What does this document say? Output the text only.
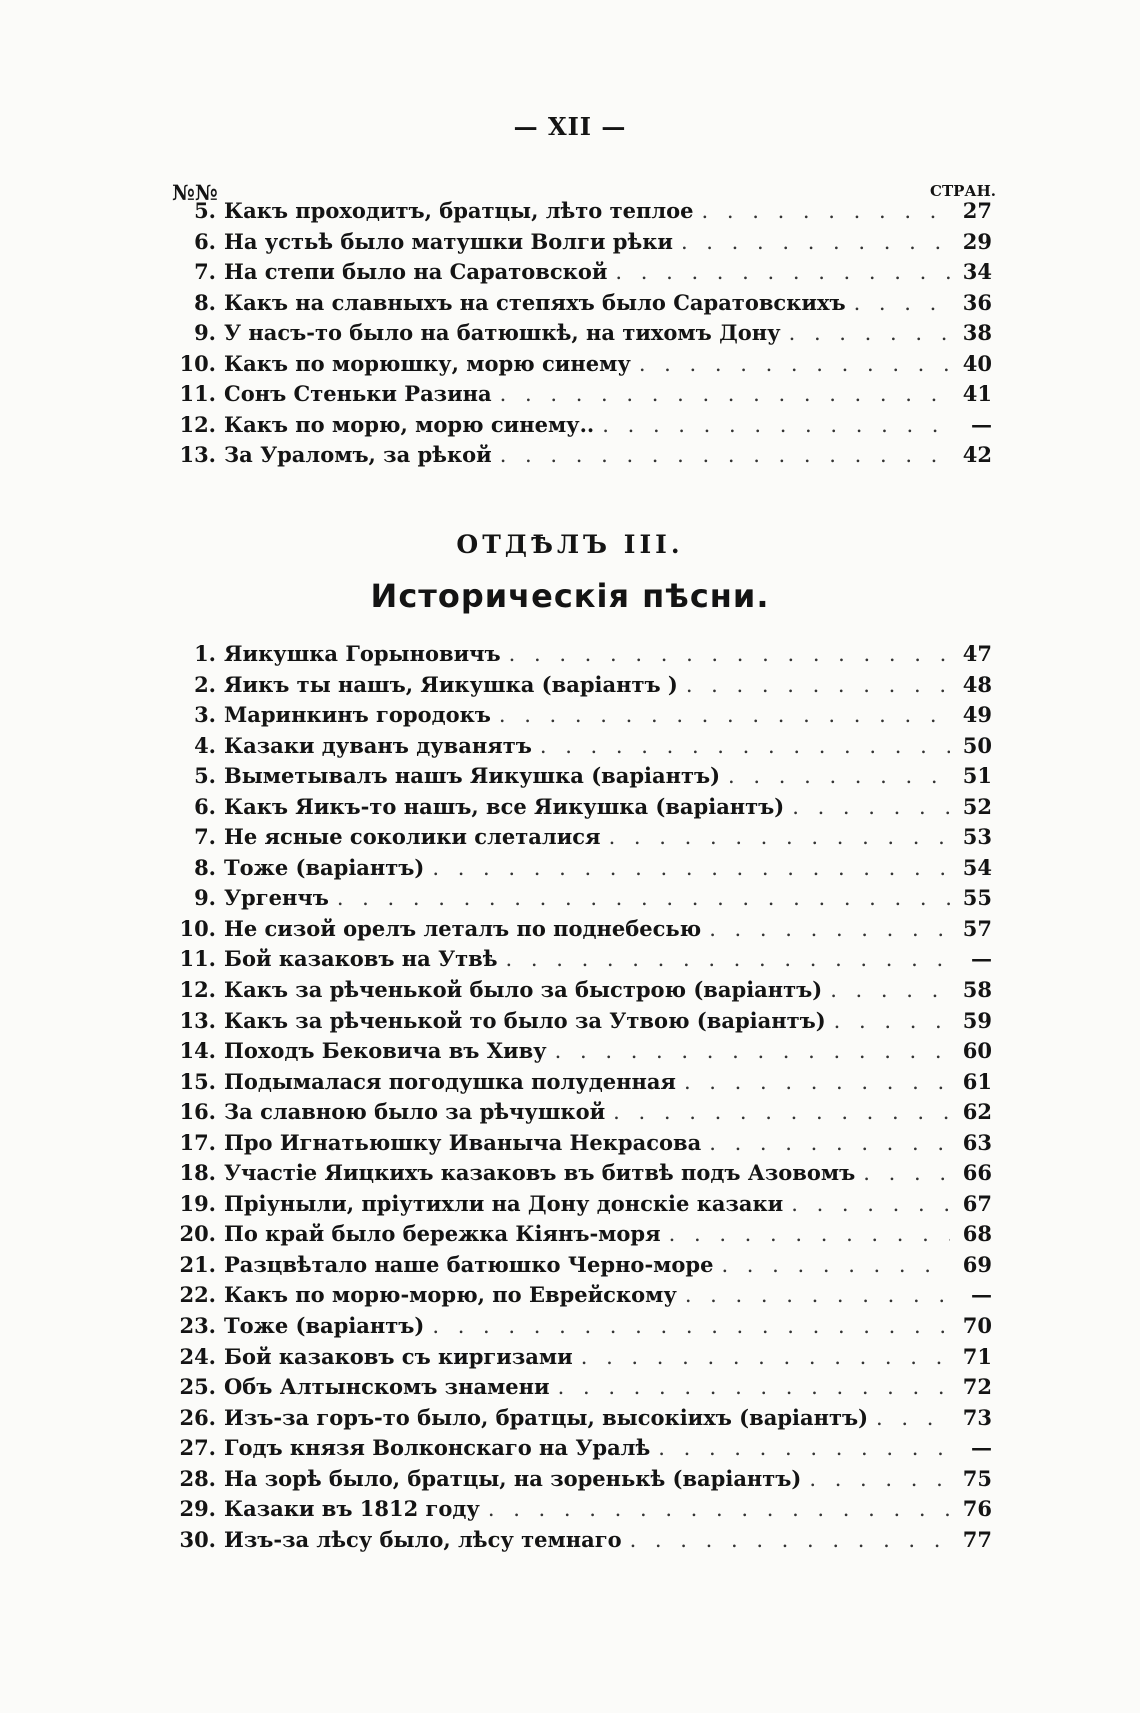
— XII —
№№	СТРАН.
5. Какъ проходитъ, братцы, лѣто теплое . . .	27
6. На устьѣ было матушки Волги рѣки . . .	29
7. На степи было на Саратовской . . .	34
8. Какъ на славныхъ на степяхъ было Саратовскихъ . . .	36
9. У насъ-то было на батюшкѣ, на тихомъ Дону . . .	38
10. Какъ по морюшку, морю синему . . .	40
11. Сонъ Стеньки Разина . . .	41
12. Какъ по морю, морю синему.. . . .	—
13. За Ураломъ, за рѣкой . . .	42
ОТДѢЛЪ III.
Историческія пѣсни.
1. Яикушка Горыновичъ . . .	47
2. Яикъ ты нашъ, Яикушка (варіантъ ) . . .	48
3. Маринкинъ городокъ . . .	49
4. Казаки дуванъ дуванятъ . . .	50
5. Выметывалъ нашъ Яикушка (варіантъ) . . .	51
6. Какъ Яикъ-то нашъ, все Яикушка (варіантъ) . . .	52
7. Не ясные соколики слеталися . . .	53
8. Тоже (варіантъ) . . .	54
9. Ургенчъ . . .	55
10. Не сизой орелъ леталъ по поднебесью . . .	57
11. Бой казаковъ на Утвѣ . . .	—
12. Какъ за рѣченькой было за быстрою (варіантъ) . . .	58
13. Какъ за рѣченькой то было за Утвою (варіантъ) . . .	59
14. Походъ Бековича въ Хиву . . .	60
15. Подымалася погодушка полуденная . . .	61
16. За славною было за рѣчушкой . . .	62
17. Про Игнатьюшку Иваныча Некрасова . . .	63
18. Участіе Яицкихъ казаковъ въ битвѣ подъ Азовомъ . . .	66
19. Пріуныли, пріутихли на Дону донскіе казаки . . .	67
20. По край было бережка Кіянъ-моря . . .	68
21. Разцвѣтало наше батюшко Черно-море . . .	69
22. Какъ по морю-морю, по Еврейскому . . .	—
23. Тоже (варіантъ) . . .	70
24. Бой казаковъ съ киргизами . . .	71
25. Объ Алтынскомъ знамени . . .	72
26. Изъ-за горъ-то было, братцы, высокіихъ (варіантъ) . . .	73
27. Годъ князя Волконскаго на Уралѣ . . .	—
28. На зорѣ было, братцы, на зоренькѣ (варіантъ) . . .	75
29. Казаки въ 1812 году . . .	76
30. Изъ-за лѣсу было, лѣсу темнаго . . .	77
